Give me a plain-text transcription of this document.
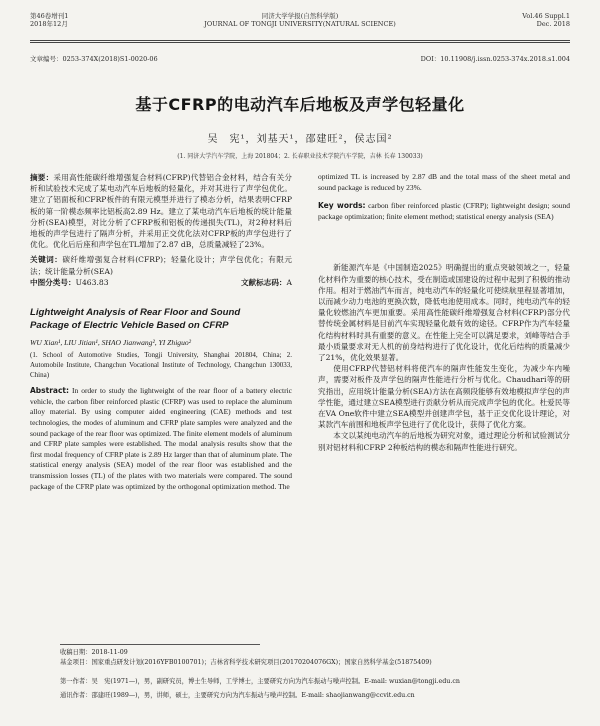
第46卷增刊1
2018年12月
同济大学学报(自然科学版)
JOURNAL OF TONGJI UNIVERSITY(NATURAL SCIENCE)
Vol.46 Suppl.1
Dec. 2018
文章编号：0253-374X(2018)S1-0020-06	DOI：10.11908/j.issn.0253-374x.2018.s1.004
基于CFRP的电动汽车后地板及声学包轻量化
吴　宪¹，刘基天¹，邵建旺²，侯志国²
(1. 同济大学汽车学院，上海 201804；2. 长春职业技术学院汽车学院，吉林 长春 130033)
摘要：采用高性能碳纤维增强复合材料(CFRP)代替铝合金材料，结合有关分析和试验技术完成了某电动汽车后地板的轻量化，并对其进行了声学包优化。建立了铝面板和CFRP板件的有限元模型并进行了模态分析，结果表明CFRP板的第一阶模态频率比铝板高2.89 Hz。建立了某电动汽车后地板的统计能量分析(SEA)模型，对比分析了CFRP板和铝板的传递损失(TL)，对2种材料后地板的声学包进行了隔声分析，并采用正交优化法对CFRP板的声学包进行了优化。优化后后座和声学包在TL增加了2.87 dB，总质量减轻了23%。
关键词：碳纤维增强复合材料(CFRP)；轻量化设计；声学包优化；有限元法；统计能量分析(SEA)
中图分类号：U463.83	文献标志码：A
Lightweight Analysis of Rear Floor and Sound
Package of Electric Vehicle Based on CFRP
WU Xian¹, LIU Jitian¹, SHAO Jianwang², YI Zhiguo²
(1. School of Automotive Studies, Tongji University, Shanghai 201804, China; 2. Automobile Institute, Changchun Vocational Institute of Technology, Changchun 130033, China)
Abstract: In order to study the lightweight of the rear floor of a battery electric vehicle, the carbon fiber reinforced plastic (CFRP) was used to replace the aluminum alloy material. By using computer aided engineering (CAE) methods and test technologies, the modes of aluminum and CFRP plate samples were analyzed and the sound package of the rear floor was optimized. The finite element models of aluminum and CFRP plate samples were established. The modal analysis results show that the first modal frequency of CFRP plate is 2.89 Hz larger than that of aluminum plate. The statistical energy analysis (SEA) model of the rear floor was established and the transmission losses (TL) of the plates with two materials were compared. The sound package of the CFRP plate was optimized by the orthogonal optimization method. The
optimized TL is increased by 2.87 dB and the total mass of the sheet metal and sound package is reduced by 23%.
Key words: carbon fiber reinforced plastic (CFRP); lightweight design; sound package optimization; finite element method; statistical energy analysis (SEA)

新能源汽车是《中国制造2025》明确提出的重点突破领域之一，轻量化材料作为重要的核心技术，受在制造或国建设的过程中起到了积极的推动作用。相对于燃油汽车而言，纯电动汽车的轻量化可使续航里程显著增加，以而减少动力电池的更换次数，降低电池使用成本。同时，纯电动汽车的轻量化较燃油汽车更加重要。采用高性能碳纤维增强复合材料(CFRP)部分代替传统金属材料是目前汽车实现轻量化最有效的途径。CFRP作为汽车轻量化结构材料时具有重要的意义。在性能上完全可以满足要求，刘峰等结合手最小质量要求对无人机的前身结构进行了优化设计，优化后结构的质量减少了21%，优化效果显著。

使用CFRP代替铝材料将使汽车的隔声性能发生变化，为减少车内噪声，需要对板件及声学包的隔声性能进行分析与优化。Chaudhari等的研究指出，应用统计能量分析(SEA)方法在高频段能够有效地模拟声学包的声学性能，通过建立SEA模型进行贡献分析从而完成声学包的优化。杜爱民等在VA One软件中建立SEA模型并创建声学包，基于正交优化设计理论，对某款汽车前围和地板声学包进行了优化设计，获得了优化方案。

本文以某纯电动汽车的后地板为研究对象，通过理论分析和试验测试分别对铝材料和CFRP 2种板结构的模态和隔声性能进行研究。

收稿日期：2018-11-09
基金项目：国家重点研发计划(2016YFB0100701)；吉林省科学技术研究项目(20170204076GX)；国家自然科学基金(51875409)
第一作者：吴　宪(1971—)，男，副研究员，博士生导师，工学博士，主要研究方向为汽车振动与噪声控制。E-mail: wuxian@tongji.edu.cn
通讯作者：邵建旺(1989—)，男，讲师，硕士，主要研究方向为汽车振动与噪声控制。E-mail: shaojianwang@ccvit.edu.cn
